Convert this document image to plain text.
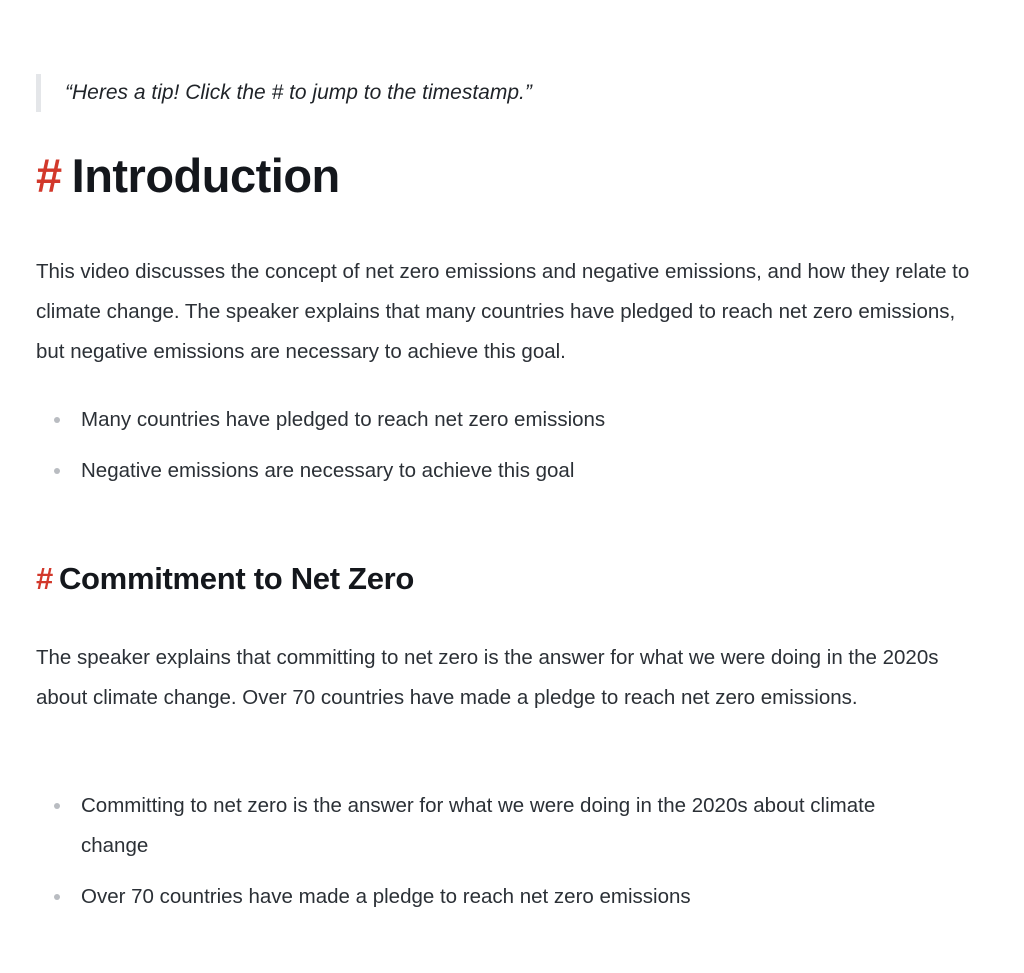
“Heres a tip! Click the # to jump to the timestamp.”
# Introduction

This video discusses the concept of net zero emissions and negative emissions, and how they relate to climate change. The speaker explains that many countries have pledged to reach net zero emissions, but negative emissions are necessary to achieve this goal.

Many countries have pledged to reach net zero emissions
Negative emissions are necessary to achieve this goal
# Commitment to Net Zero

The speaker explains that committing to net zero is the answer for what we were doing in the 2020s about climate change. Over 70 countries have made a pledge to reach net zero emissions.

Committing to net zero is the answer for what we were doing in the 2020s about climate change
Over 70 countries have made a pledge to reach net zero emissions
